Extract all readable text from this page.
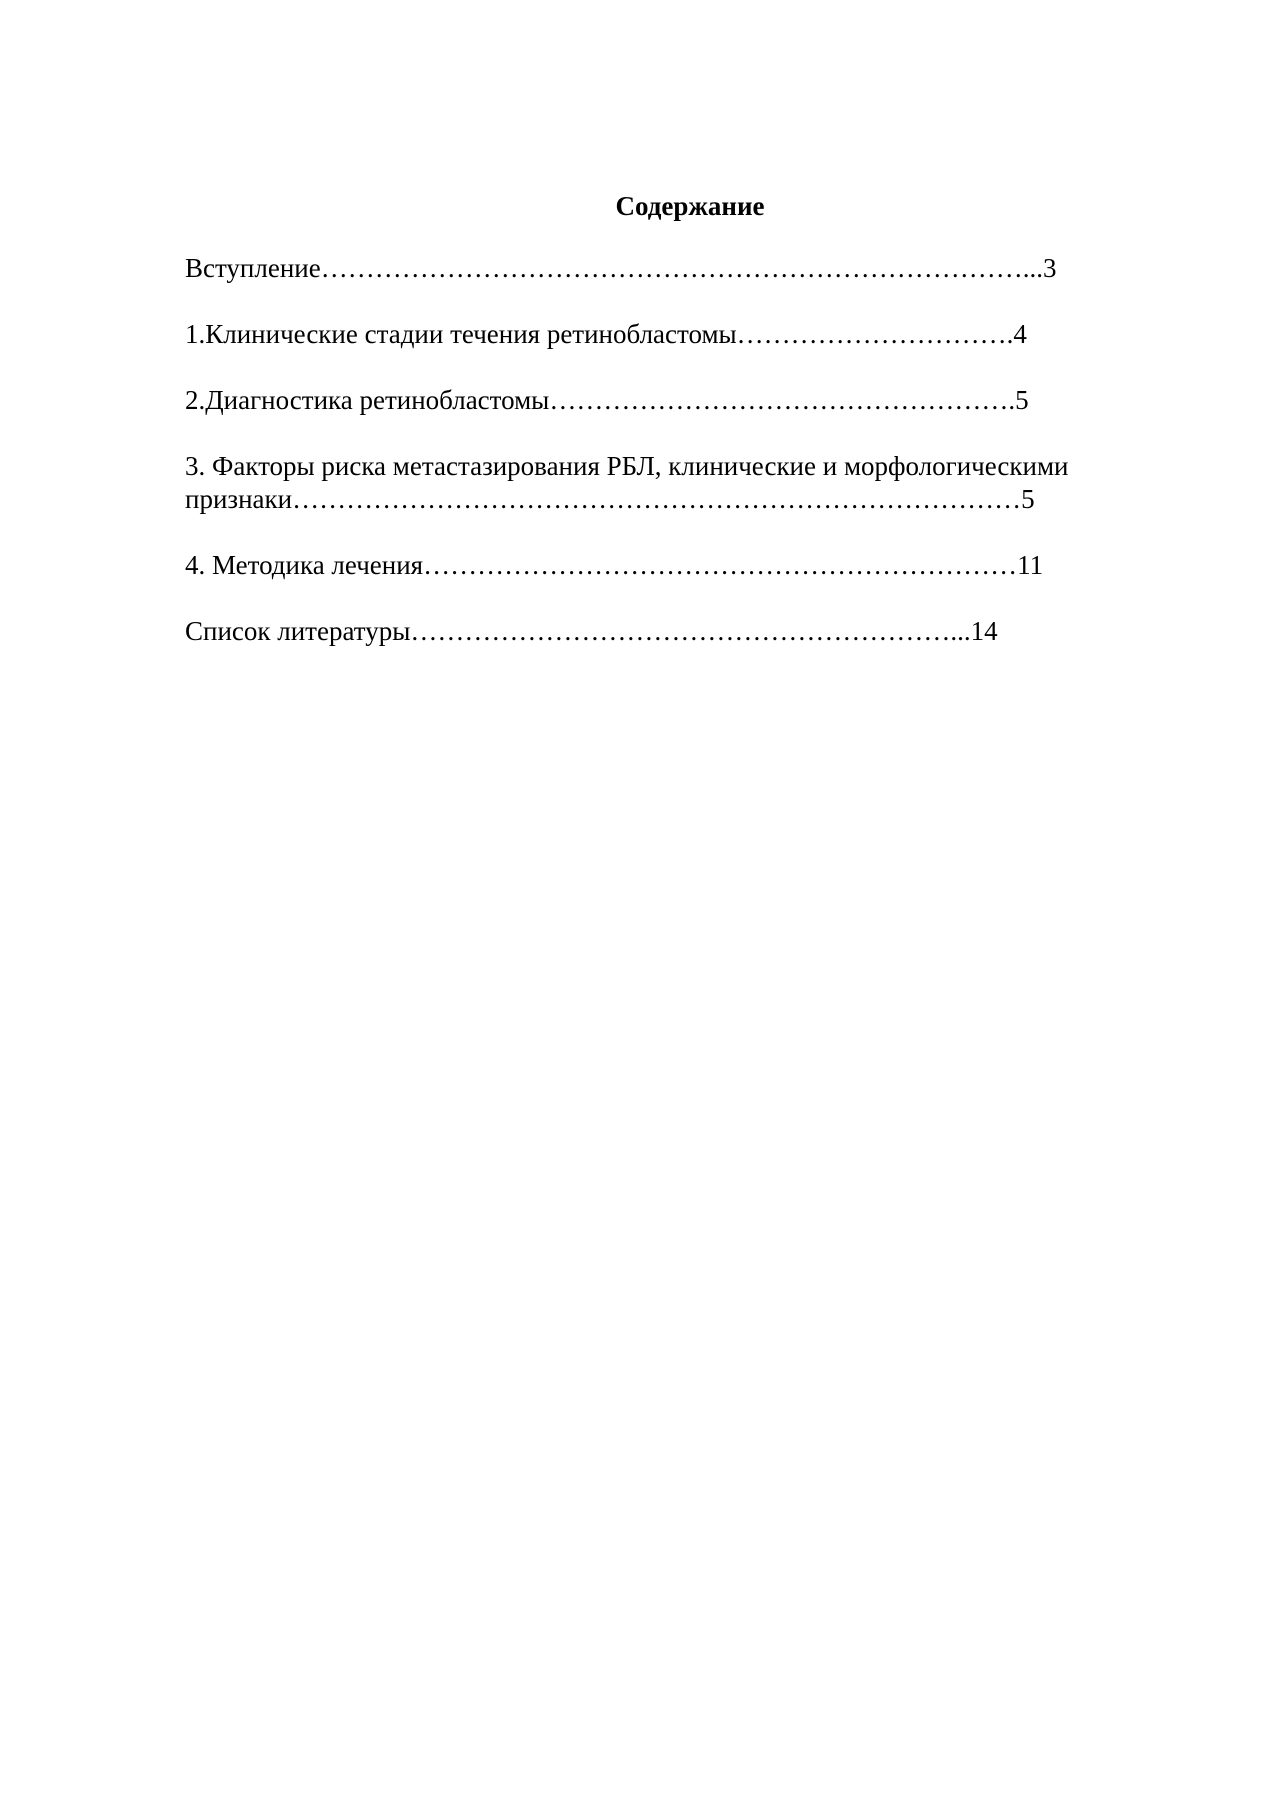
Содержание
Вступление……………………………………………………………………...3
1.Клинические стадии течения ретинобластомы………………………….4
2.Диагностика ретинобластомы…………………………………………….5
3. Факторы риска метастазирования РБЛ, клинические и морфологическими признаки………………………………………………………………………5
4. Методика лечения…………………………………………………………11
Список литературы……………………………………………………...14
